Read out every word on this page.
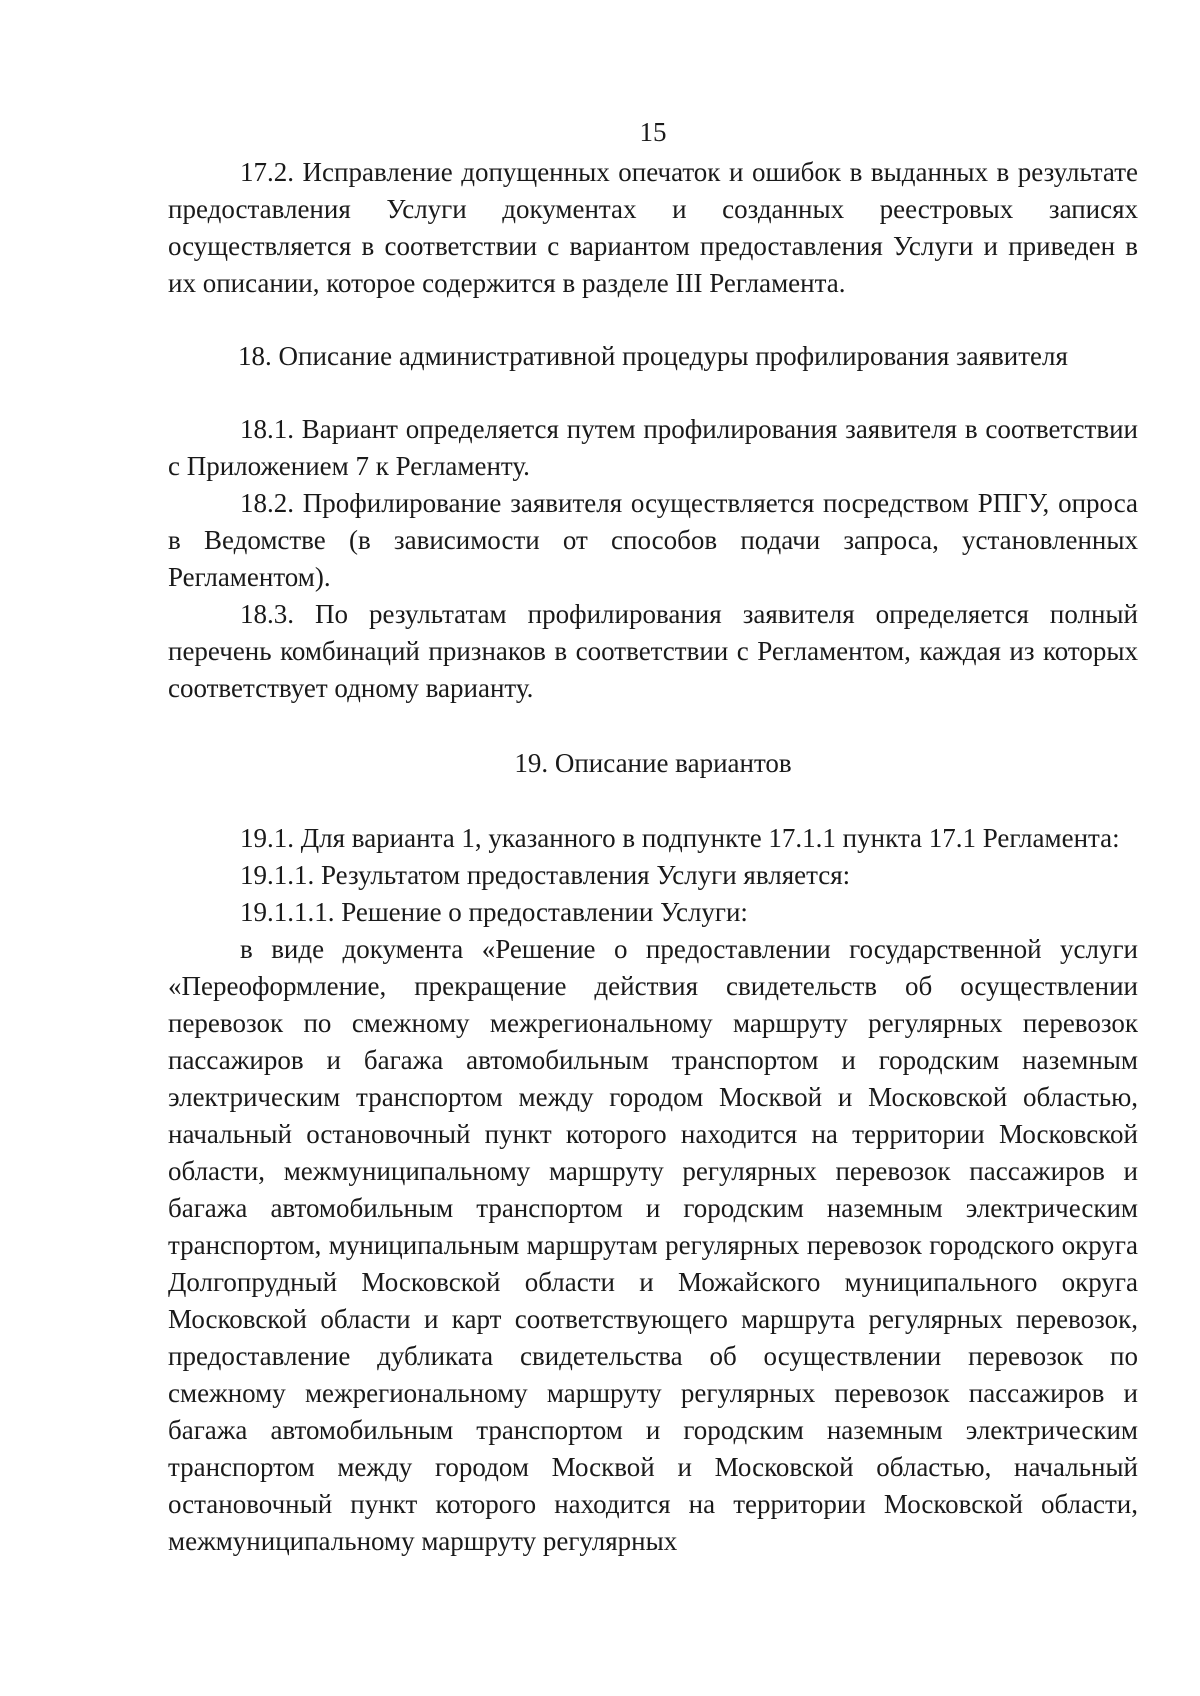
15

17.2. Исправление допущенных опечаток и ошибок в выданных в результате предоставления Услуги документах и созданных реестровых записях осуществляется в соответствии с вариантом предоставления Услуги и приведен в их описании, которое содержится в разделе III Регламента.

18. Описание административной процедуры профилирования заявителя

18.1. Вариант определяется путем профилирования заявителя в соответствии с Приложением 7 к Регламенту.

18.2. Профилирование заявителя осуществляется посредством РПГУ, опроса в Ведомстве (в зависимости от способов подачи запроса, установленных Регламентом).

18.3. По результатам профилирования заявителя определяется полный перечень комбинаций признаков в соответствии с Регламентом, каждая из которых соответствует одному варианту.

19. Описание вариантов

19.1. Для варианта 1, указанного в подпункте 17.1.1 пункта 17.1 Регламента:

19.1.1. Результатом предоставления Услуги является:

19.1.1.1. Решение о предоставлении Услуги:

в виде документа «Решение о предоставлении государственной услуги «Переоформление, прекращение действия свидетельств об осуществлении перевозок по смежному межрегиональному маршруту регулярных перевозок пассажиров и багажа автомобильным транспортом и городским наземным электрическим транспортом между городом Москвой и Московской областью, начальный остановочный пункт которого находится на территории Московской области, межмуниципальному маршруту регулярных перевозок пассажиров и багажа автомобильным транспортом и городским наземным электрическим транспортом, муниципальным маршрутам регулярных перевозок городского округа Долгопрудный Московской области и Можайского муниципального округа Московской области и карт соответствующего маршрута регулярных перевозок, предоставление дубликата свидетельства об осуществлении перевозок по смежному межрегиональному маршруту регулярных перевозок пассажиров и багажа автомобильным транспортом и городским наземным электрическим транспортом между городом Москвой и Московской областью, начальный остановочный пункт которого находится на территории Московской области, межмуниципальному маршруту регулярных
